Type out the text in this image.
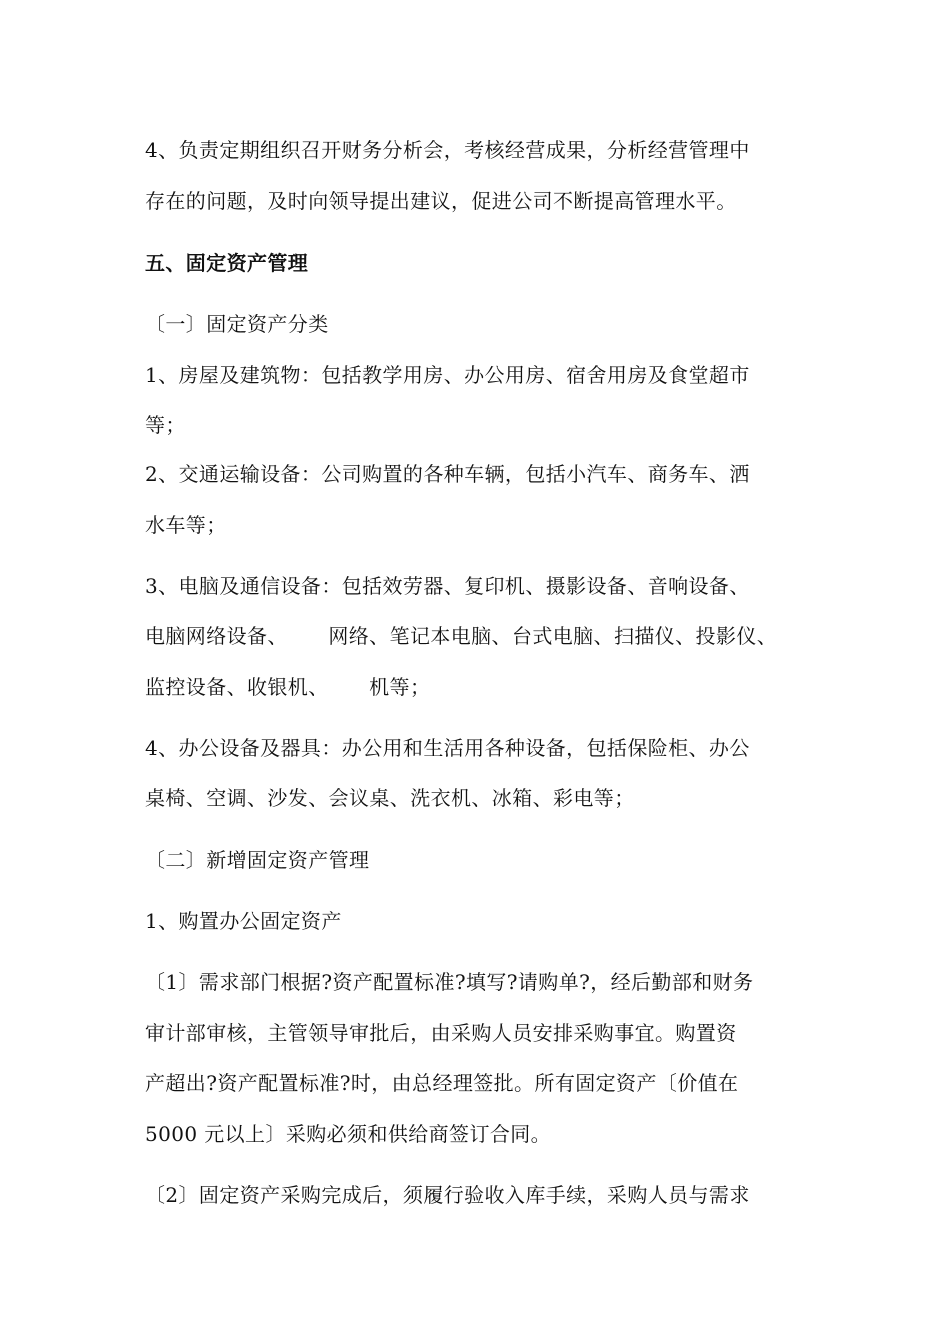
4、负责定期组织召开财务分析会，考核经营成果，分析经营管理中
存在的问题，及时向领导提出建议，促进公司不断提高管理水平。
五、固定资产管理
〔一〕固定资产分类
1、房屋及建筑物：包括教学用房、办公用房、宿舍用房及食堂超市
等；
2、交通运输设备：公司购置的各种车辆，包括小汽车、商务车、洒
水车等；
3、电脑及通信设备：包括效劳器、复印机、摄影设备、音响设备、
电脑网络设备、      网络、笔记本电脑、台式电脑、扫描仪、投影仪、
监控设备、收银机、      机等；
4、办公设备及器具：办公用和生活用各种设备，包括保险柜、办公
桌椅、空调、沙发、会议桌、洗衣机、冰箱、彩电等；
〔二〕新增固定资产管理
1、购置办公固定资产
〔1〕需求部门根据?资产配置标准?填写?请购单?，经后勤部和财务
审计部审核，主管领导审批后，由采购人员安排采购事宜。购置资
产超出?资产配置标准?时，由总经理签批。所有固定资产〔价值在
5000 元以上〕采购必须和供给商签订合同。
〔2〕固定资产采购完成后，须履行验收入库手续，采购人员与需求
